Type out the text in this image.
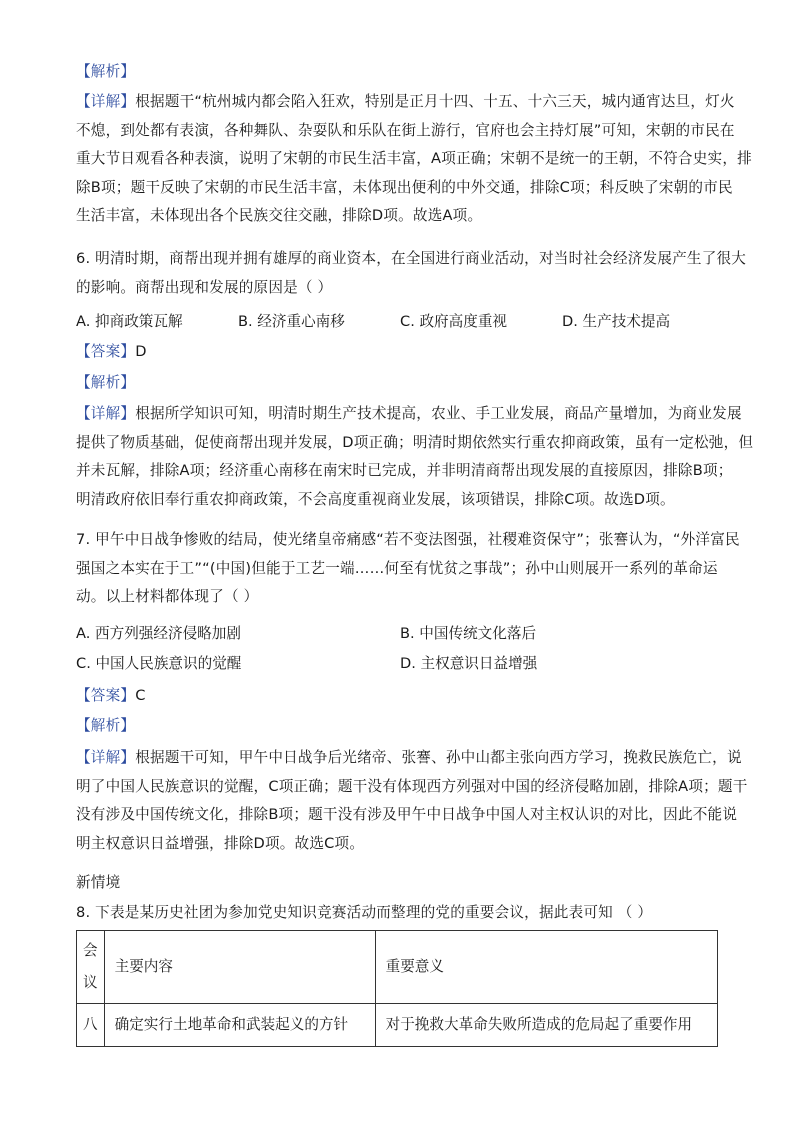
【解析】

【详解】根据题干“杭州城内都会陷入狂欢，特别是正月十四、十五、十六三天，城内通宵达旦，灯火
不熄，到处都有表演，各种舞队、杂耍队和乐队在街上游行，官府也会主持灯展”可知，宋朝的市民在
重大节日观看各种表演，说明了宋朝的市民生活丰富，A项正确；宋朝不是统一的王朝，不符合史实，排
除B项；题干反映了宋朝的市民生活丰富，未体现出便利的中外交通，排除C项；科反映了宋朝的市民
生活丰富，未体现出各个民族交往交融，排除D项。故选A项。

6. 明清时期，商帮出现并拥有雄厚的商业资本，在全国进行商业活动，对当时社会经济发展产生了很大
的影响。商帮出现和发展的原因是（ ）

A. 抑商政策瓦解	B. 经济重心南移	C. 政府高度重视	D. 生产技术提高

【答案】D

【解析】

【详解】根据所学知识可知，明清时期生产技术提高，农业、手工业发展，商品产量增加，为商业发展
提供了物质基础，促使商帮出现并发展，D项正确；明清时期依然实行重农抑商政策，虽有一定松弛，但
并未瓦解，排除A项；经济重心南移在南宋时已完成，并非明清商帮出现发展的直接原因，排除B项；
明清政府依旧奉行重农抑商政策，不会高度重视商业发展，该项错误，排除C项。故选D项。

7. 甲午中日战争惨败的结局，使光绪皇帝痛感“若不变法图强，社稷难资保守”；张謇认为，“外洋富民
强国之本实在于工”“(中国)但能于工艺一端……何至有忧贫之事哉”；孙中山则展开一系列的革命运
动。以上材料都体现了（ ）

A. 西方列强经济侵略加剧	B. 中国传统文化落后
C. 中国人民族意识的觉醒	D. 主权意识日益增强

【答案】C

【解析】

【详解】根据题干可知，甲午中日战争后光绪帝、张謇、孙中山都主张向西方学习，挽救民族危亡，说
明了中国人民族意识的觉醒，C项正确；题干没有体现西方列强对中国的经济侵略加剧，排除A项；题干
没有涉及中国传统文化，排除B项；题干没有涉及甲午中日战争中国人对主权认识的对比，因此不能说
明主权意识日益增强，排除D项。故选C项。

新情境

8. 下表是某历史社团为参加党史知识竞赛活动而整理的党的重要会议，据此表可知 （ ）

会
议	主要内容	重要意义
八	确定实行土地革命和武装起义的方针	对于挽救大革命失败所造成的危局起了重要作用
